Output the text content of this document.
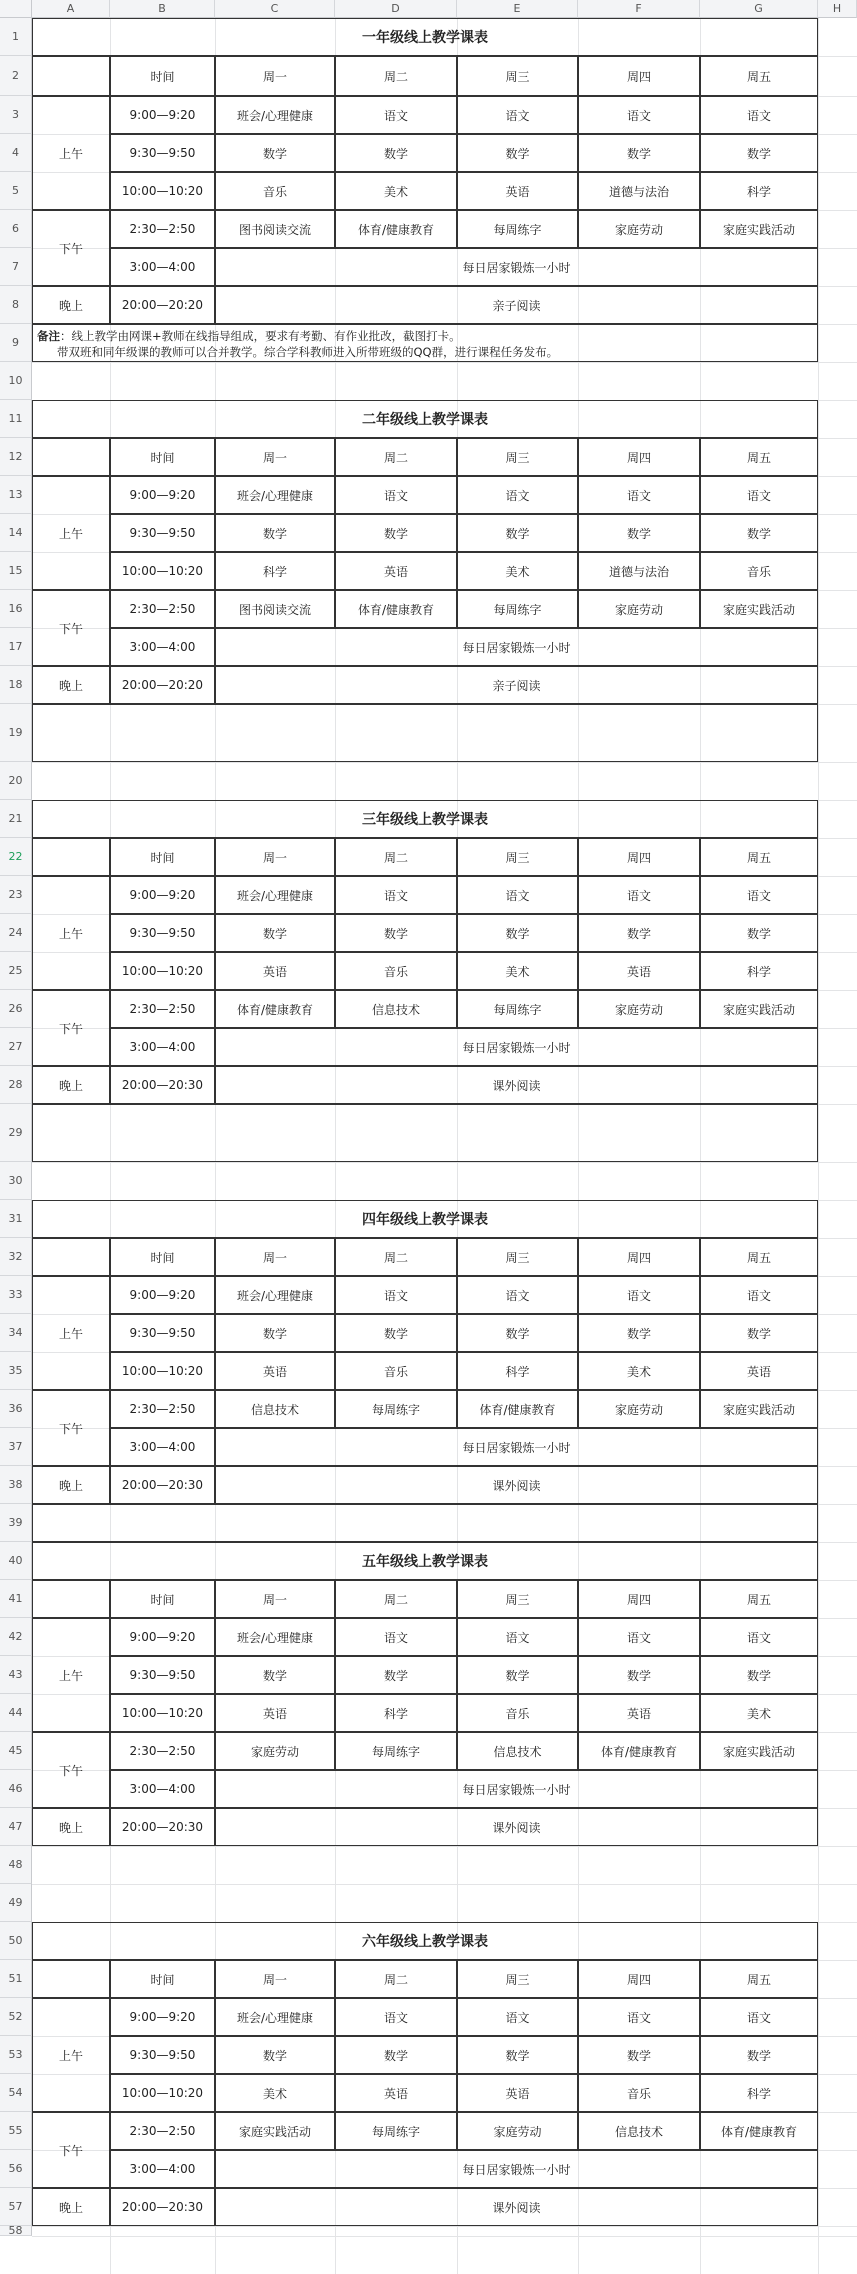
A	B	C	D	E	F	G	H
1
2
3
4
5
6
7
8
9
10
11
12
13
14
15
16
17
18
19
20
21
22
23
24
25
26
27
28
29
30
31
32
33
34
35
36
37
38
39
40
41
42
43
44
45
46
47
48
49
50
51
52
53
54
55
56
57
58
一年级线上教学课表
时间	周一	周二	周三	周四	周五
上午
9:00—9:20	班会/心理健康	语文	语文	语文	语文
9:30—9:50	数学	数学	数学	数学	数学
10:00—10:20	音乐	美术	英语	道德与法治	科学
下午
2:30—2:50	图书阅读交流	体育/健康教育	每周练字	家庭劳动	家庭实践活动
3:00—4:00	每日居家锻炼一小时
晚上	20:00—20:20	亲子阅读
二年级线上教学课表
时间	周一	周二	周三	周四	周五
上午
9:00—9:20	班会/心理健康	语文	语文	语文	语文
9:30—9:50	数学	数学	数学	数学	数学
10:00—10:20	科学	英语	美术	道德与法治	音乐
下午
2:30—2:50	图书阅读交流	体育/健康教育	每周练字	家庭劳动	家庭实践活动
3:00—4:00	每日居家锻炼一小时
晚上	20:00—20:20	亲子阅读
三年级线上教学课表
时间	周一	周二	周三	周四	周五
上午
9:00—9:20	班会/心理健康	语文	语文	语文	语文
9:30—9:50	数学	数学	数学	数学	数学
10:00—10:20	英语	音乐	美术	英语	科学
下午
2:30—2:50	体育/健康教育	信息技术	每周练字	家庭劳动	家庭实践活动
3:00—4:00	每日居家锻炼一小时
晚上	20:00—20:30	课外阅读
四年级线上教学课表
时间	周一	周二	周三	周四	周五
上午
9:00—9:20	班会/心理健康	语文	语文	语文	语文
9:30—9:50	数学	数学	数学	数学	数学
10:00—10:20	英语	音乐	科学	美术	英语
下午
2:30—2:50	信息技术	每周练字	体育/健康教育	家庭劳动	家庭实践活动
3:00—4:00	每日居家锻炼一小时
晚上	20:00—20:30	课外阅读
五年级线上教学课表
时间	周一	周二	周三	周四	周五
上午
9:00—9:20	班会/心理健康	语文	语文	语文	语文
9:30—9:50	数学	数学	数学	数学	数学
10:00—10:20	英语	科学	音乐	英语	美术
下午
2:30—2:50	家庭劳动	每周练字	信息技术	体育/健康教育	家庭实践活动
3:00—4:00	每日居家锻炼一小时
晚上	20:00—20:30	课外阅读
六年级线上教学课表
时间	周一	周二	周三	周四	周五
上午
9:00—9:20	班会/心理健康	语文	语文	语文	语文
9:30—9:50	数学	数学	数学	数学	数学
10:00—10:20	美术	英语	英语	音乐	科学
下午
2:30—2:50	家庭实践活动	每周练字	家庭劳动	信息技术	体育/健康教育
3:00—4:00	每日居家锻炼一小时
晚上	20:00—20:30	课外阅读
备注：线上教学由网课+教师在线指导组成，要求有考勤、有作业批改，截图打卡。
带双班和同年级课的教师可以合并教学。综合学科教师进入所带班级的QQ群，进行课程任务发布。
